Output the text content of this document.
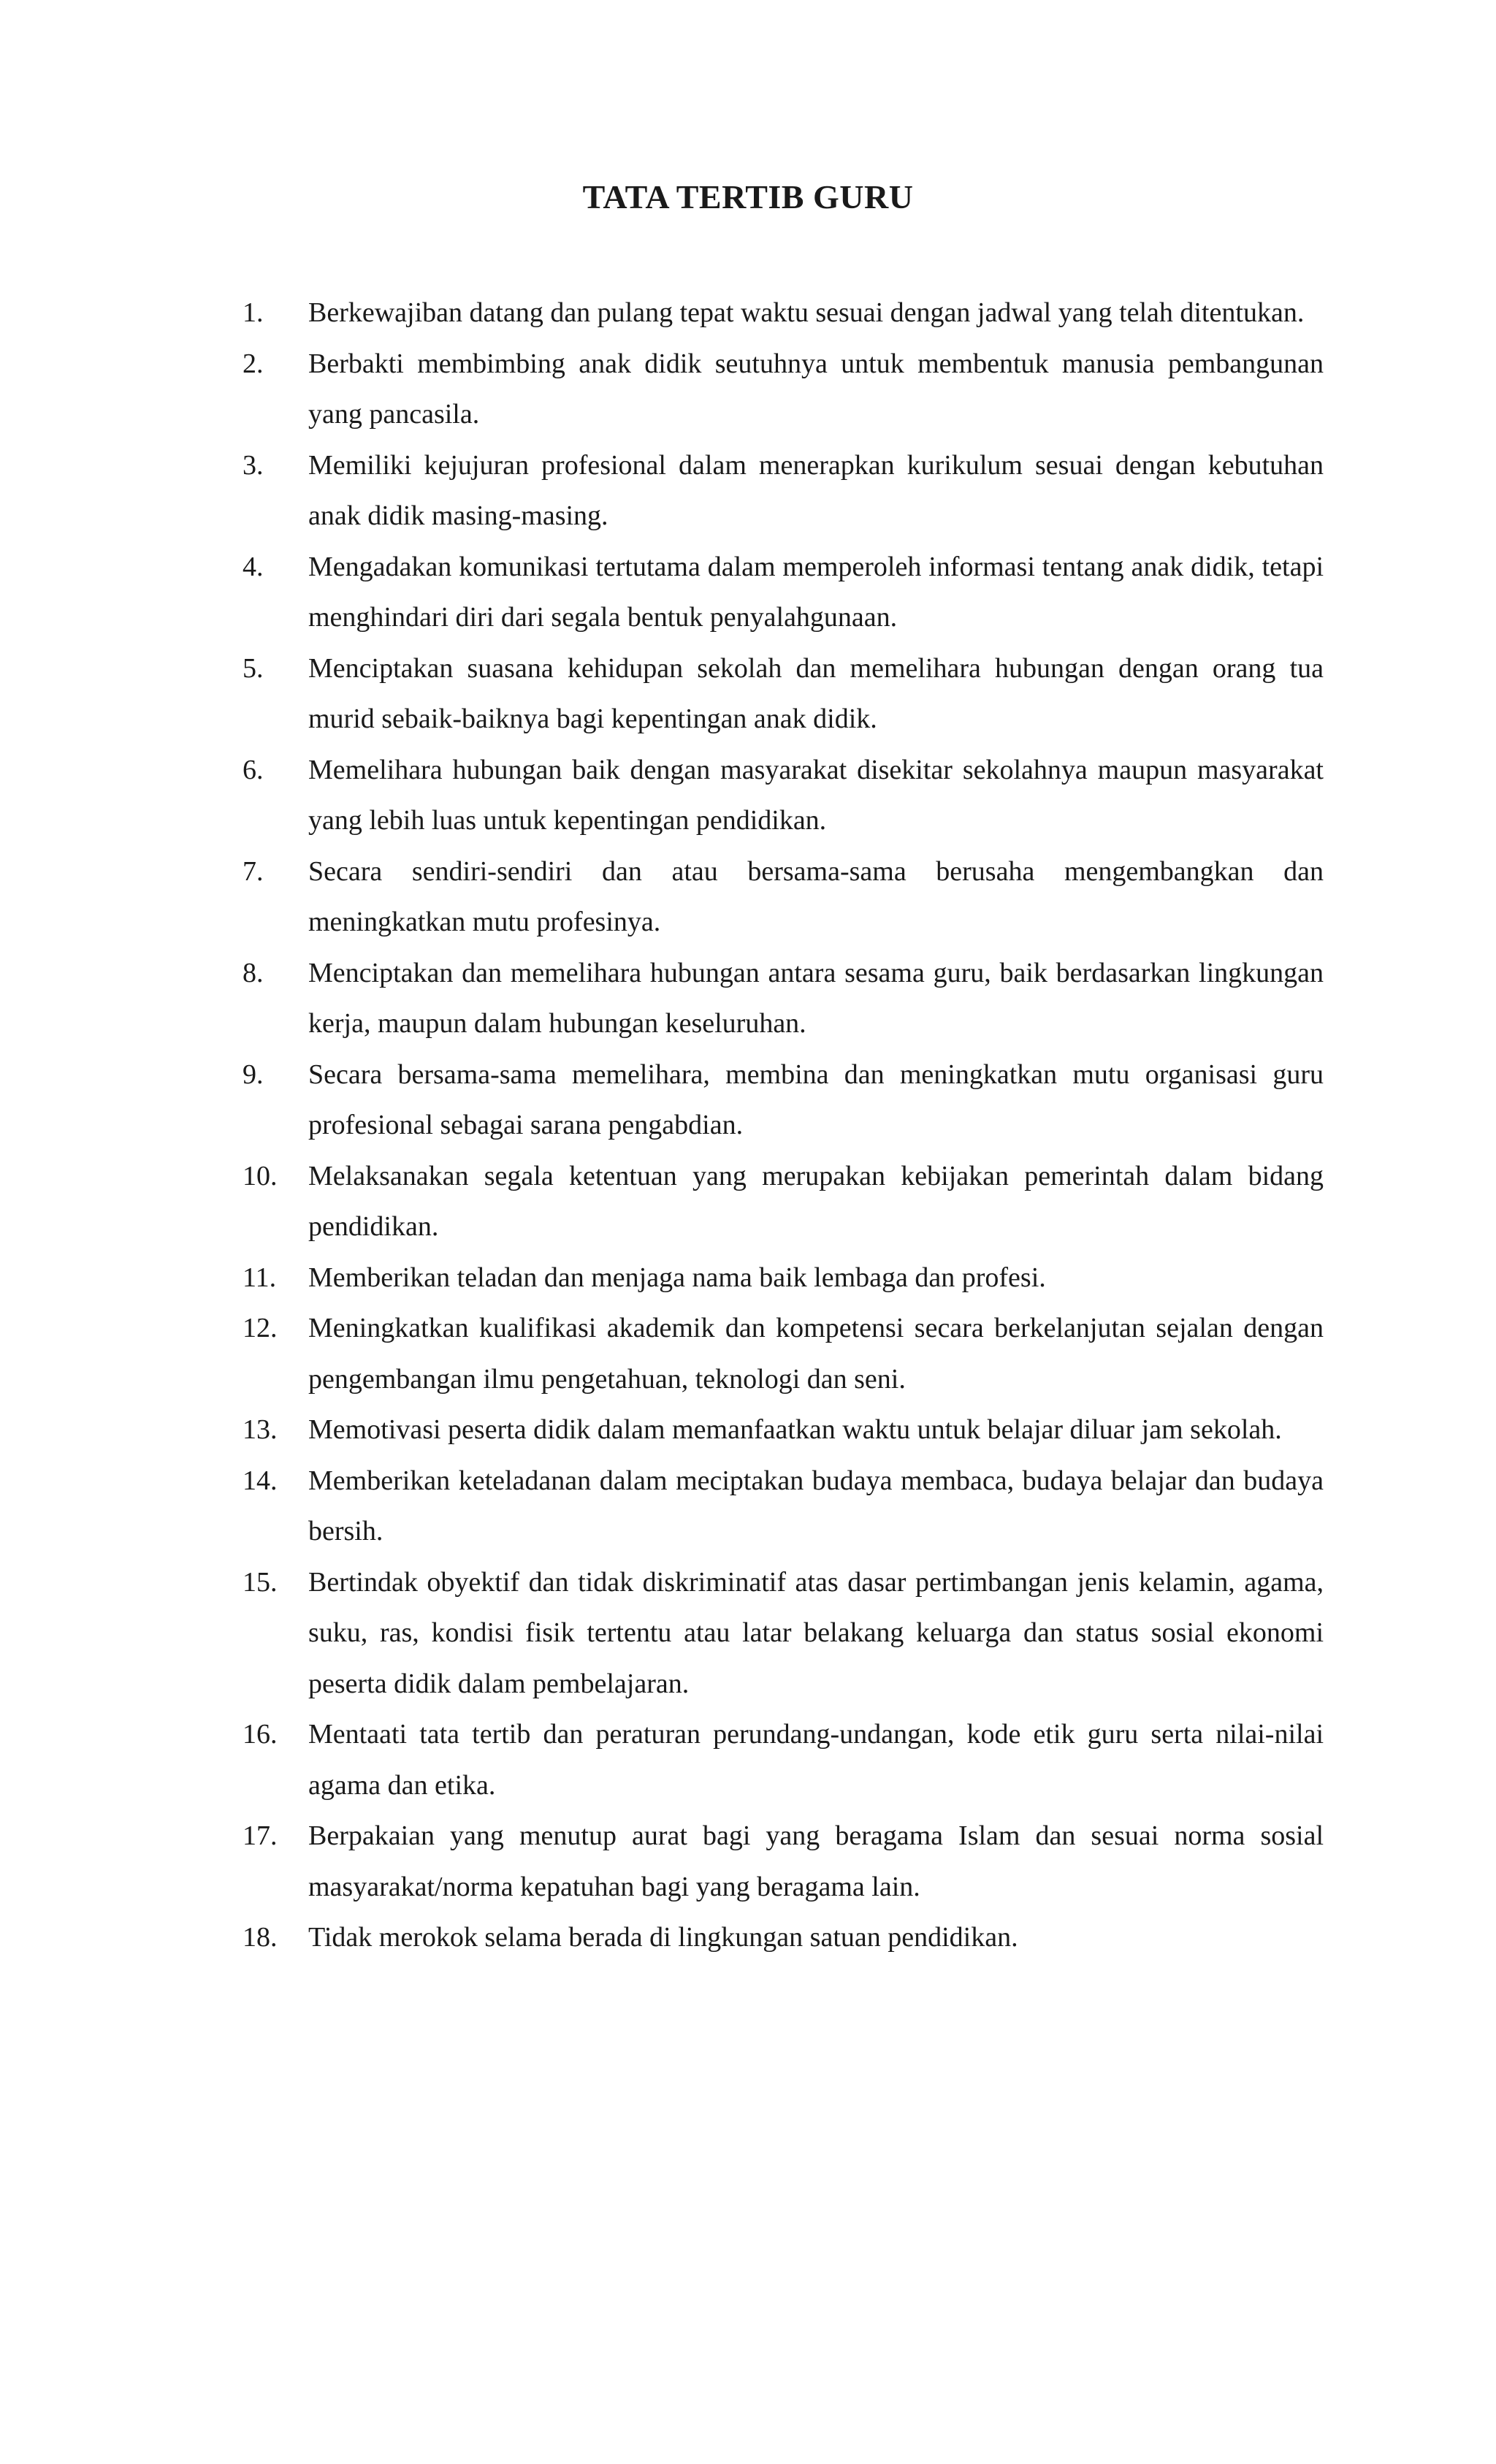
TATA TERTIB GURU
1.	Berkewajiban datang dan pulang tepat waktu sesuai dengan jadwal yang telah ditentukan.
2.	Berbakti membimbing anak didik seutuhnya untuk membentuk manusia pembangunan yang pancasila.
3.	Memiliki kejujuran profesional dalam menerapkan kurikulum sesuai dengan kebutuhan anak didik masing-masing.
4.	Mengadakan komunikasi tertutama dalam memperoleh informasi tentang anak didik, tetapi menghindari diri dari segala bentuk penyalahgunaan.
5.	Menciptakan suasana kehidupan sekolah dan memelihara hubungan dengan orang tua murid sebaik-baiknya bagi kepentingan anak didik.
6.	Memelihara hubungan baik dengan masyarakat disekitar sekolahnya maupun masyarakat yang lebih luas untuk kepentingan pendidikan.
7.	Secara sendiri-sendiri dan atau bersama-sama berusaha mengembangkan dan meningkatkan mutu profesinya.
8.	Menciptakan dan memelihara hubungan antara sesama guru, baik berdasarkan lingkungan kerja, maupun dalam hubungan keseluruhan.
9.	Secara bersama-sama memelihara, membina dan meningkatkan mutu organisasi guru profesional sebagai sarana pengabdian.
10.	Melaksanakan segala ketentuan yang merupakan kebijakan pemerintah dalam bidang pendidikan.
11.	Memberikan teladan dan menjaga nama baik lembaga dan profesi.
12.	Meningkatkan kualifikasi akademik dan kompetensi secara berkelanjutan sejalan dengan pengembangan ilmu pengetahuan, teknologi dan seni.
13.	Memotivasi peserta didik dalam memanfaatkan waktu untuk belajar diluar jam sekolah.
14.	Memberikan keteladanan dalam meciptakan budaya membaca, budaya belajar dan budaya bersih.
15.	Bertindak obyektif dan tidak diskriminatif atas dasar pertimbangan jenis kelamin, agama, suku, ras, kondisi fisik tertentu atau latar belakang keluarga dan status sosial ekonomi peserta didik dalam pembelajaran.
16.	Mentaati tata tertib dan peraturan perundang-undangan, kode etik guru serta nilai-nilai agama dan etika.
17.	Berpakaian yang menutup aurat bagi yang beragama Islam dan sesuai norma sosial masyarakat/norma kepatuhan bagi yang beragama lain.
18.	Tidak merokok selama berada di lingkungan satuan pendidikan.
